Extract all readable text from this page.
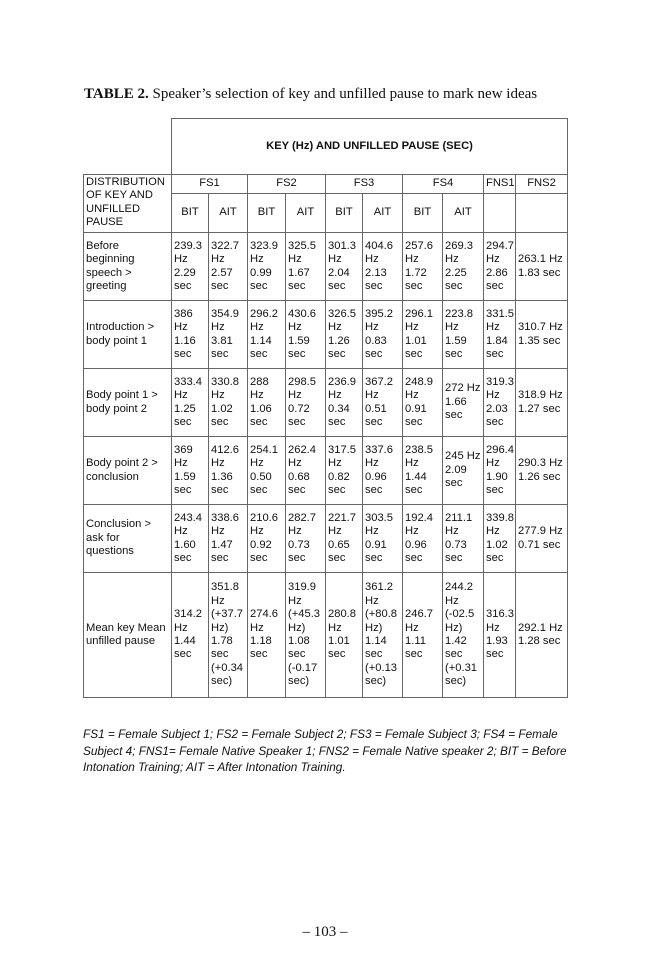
TABLE 2. Speaker’s selection of key and unfilled pause to mark new ideas
	KEY (Hz) AND UNFILLED PAUSE (SEC)									
DISTRIBUTION OF KEY AND UNFILLED PAUSE	FS1		FS2		FS3		FS4		FNS1	FNS2
	BIT	AIT	BIT	AIT	BIT	AIT	BIT	AIT		
Before beginning speech > greeting	239.3 Hz 2.29 sec	322.7 Hz 2.57 sec	323.9 Hz 0.99 sec	325.5 Hz 1.67 sec	301.3 Hz 2.04 sec	404.6 Hz 2.13 sec	257.6 Hz 1.72 sec	269.3 Hz 2.25 sec	294.7 Hz 2.86 sec	263.1 Hz 1.83 sec
Introduction > body point 1	386 Hz 1.16 sec	354.9 Hz 3.81 sec	296.2 Hz 1.14 sec	430.6 Hz 1.59 sec	326.5 Hz 1.26 sec	395.2 Hz 0.83 sec	296.1 Hz 1.01 sec	223.8 Hz 1.59 sec	331.5 Hz 1.84 sec	310.7 Hz 1.35 sec
Body point 1 > body point 2	333.4 Hz 1.25 sec	330.8 Hz 1.02 sec	288 Hz 1.06 sec	298.5 Hz 0.72 sec	236.9 Hz 0.34 sec	367.2 Hz 0.51 sec	248.9 Hz 0.91 sec	272 Hz 1.66 sec	319.3 Hz 2.03 sec	318.9 Hz 1.27 sec
Body point 2 > conclusion	369 Hz 1.59 sec	412.6 Hz 1.36 sec	254.1 Hz 0.50 sec	262.4 Hz 0.68 sec	317.5 Hz 0.82 sec	337.6 Hz 0.96 sec	238.5 Hz 1.44 sec	245 Hz 2.09 sec	296.4 Hz 1.90 sec	290.3 Hz 1.26 sec
Conclusion > ask for questions	243.4 Hz 1.60 sec	338.6 Hz 1.47 sec	210.6 Hz 0.92 sec	282.7 Hz 0.73 sec	221.7 Hz 0.65 sec	303.5 Hz 0.91 sec	192.4 Hz 0.96 sec	211.1 Hz 0.73 sec	339.8 Hz 1.02 sec	277.9 Hz 0.71 sec
Mean key Mean unfilled pause	314.2 Hz 1.44 sec	351.8 Hz (+37.7 Hz) 1.78 sec (+0.34 sec)	274.6 Hz 1.18 sec	319.9 Hz (+45.3 Hz) 1.08 sec (-0.17 sec)	280.8 Hz 1.01 sec	361.2 Hz (+80.8 Hz) 1.14 sec (+0.13 sec)	246.7 Hz 1.11 sec	244.2 Hz (-02.5 Hz) 1.42 sec (+0.31 sec)	316.3 Hz 1.93 sec	292.1 Hz 1.28 sec
FS1 = Female Subject 1; FS2 = Female Subject 2; FS3 = Female Subject 3; FS4 = Female Subject 4; FNS1= Female Native Speaker 1; FNS2 = Female Native speaker 2; BIT = Before Intonation Training; AIT = After Intonation Training.
– 103 –
